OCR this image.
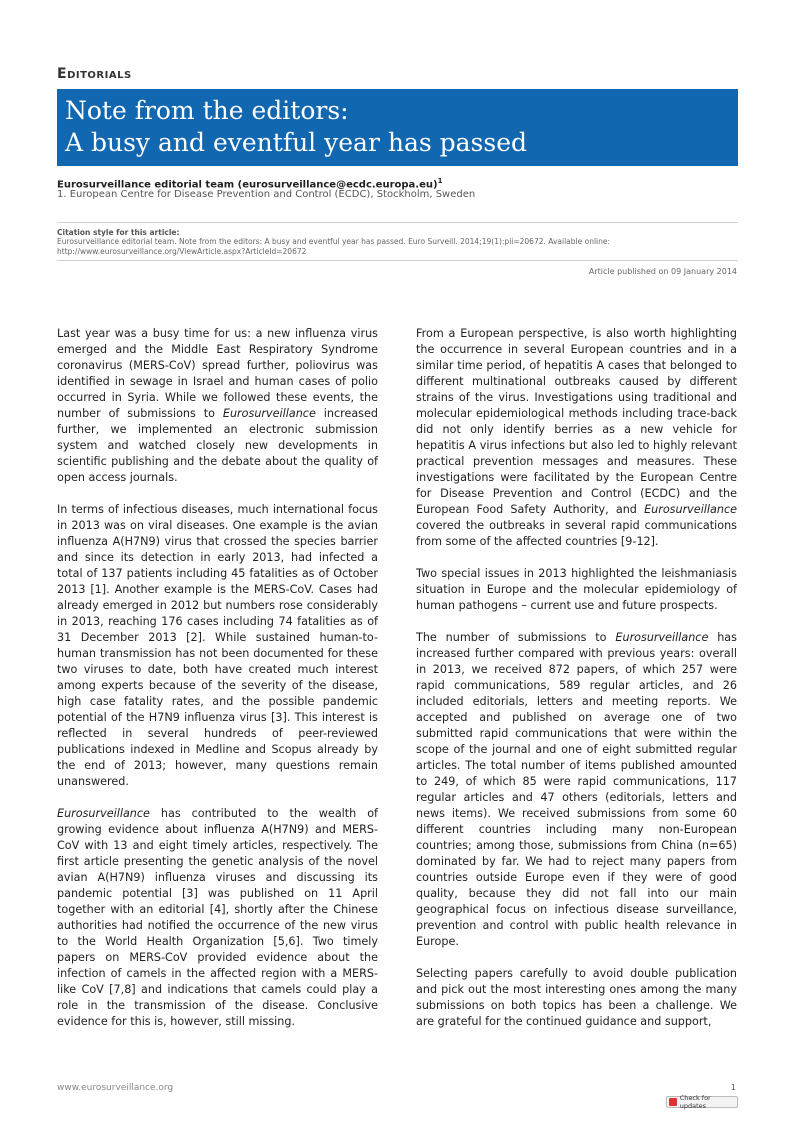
Editorials
Note from the editors:
A busy and eventful year has passed
Eurosurveillance editorial team (eurosurveillance@ecdc.europa.eu)$^1$
1. European Centre for Disease Prevention and Control (ECDC), Stockholm, Sweden
Citation style for this article:
Eurosurveillance editorial team. Note from the editors: A busy and eventful year has passed. Euro Surveill. 2014;19(1):pii=20672. Available online: http://www.eurosurveillance.org/ViewArticle.aspx?ArticleId=20672
Article published on 09 January 2014

Last year was a busy time for us: a new influenza virus emerged and the Middle East Respiratory Syndrome coronavirus (MERS-CoV) spread further, poliovirus was identified in sewage in Israel and human cases of polio occurred in Syria. While we followed these events, the number of submissions to Eurosurveillance increased further, we implemented an electronic submission system and watched closely new developments in scientific publishing and the debate about the quality of open access journals.

In terms of infectious diseases, much international focus in 2013 was on viral diseases. One example is the avian influenza A(H7N9) virus that crossed the species barrier and since its detection in early 2013, had infected a total of 137 patients including 45 fatalities as of October 2013 [1]. Another example is the MERS-CoV. Cases had already emerged in 2012 but numbers rose considerably in 2013, reaching 176 cases including 74 fatalities as of 31 December 2013 [2]. While sustained human-to-human transmission has not been documented for these two viruses to date, both have created much interest among experts because of the severity of the disease, high case fatality rates, and the possible pandemic potential of the H7N9 influenza virus [3]. This interest is reflected in several hundreds of peer-reviewed publications indexed in Medline and Scopus already by the end of 2013; however, many questions remain unanswered.

Eurosurveillance has contributed to the wealth of growing evidence about influenza A(H7N9) and MERS-CoV with 13 and eight timely articles, respectively. The first article presenting the genetic analysis of the novel avian A(H7N9) influenza viruses and discussing its pandemic potential [3] was published on 11 April together with an editorial [4], shortly after the Chinese authorities had notified the occurrence of the new virus to the World Health Organization [5,6]. Two timely papers on MERS-CoV provided evidence about the infection of camels in the affected region with a MERS-like CoV [7,8] and indications that camels could play a role in the transmission of the disease. Conclusive evidence for this is, however, still missing.

From a European perspective, is also worth highlighting the occurrence in several European countries and in a similar time period, of hepatitis A cases that belonged to different multinational outbreaks caused by different strains of the virus. Investigations using traditional and molecular epidemiological methods including trace-back did not only identify berries as a new vehicle for hepatitis A virus infections but also led to highly relevant practical prevention messages and measures. These investigations were facilitated by the European Centre for Disease Prevention and Control (ECDC) and the European Food Safety Authority, and Eurosurveillance covered the outbreaks in several rapid communications from some of the affected countries [9-12].

Two special issues in 2013 highlighted the leishmaniasis situation in Europe and the molecular epidemiology of human pathogens – current use and future prospects.

The number of submissions to Eurosurveillance has increased further compared with previous years: overall in 2013, we received 872 papers, of which 257 were rapid communications, 589 regular articles, and 26 included editorials, letters and meeting reports. We accepted and published on average one of two submitted rapid communications that were within the scope of the journal and one of eight submitted regular articles. The total number of items published amounted to 249, of which 85 were rapid communications, 117 regular articles and 47 others (editorials, letters and news items). We received submissions from some 60 different countries including many non-European countries; among those, submissions from China (n=65) dominated by far. We had to reject many papers from countries outside Europe even if they were of good quality, because they did not fall into our main geographical focus on infectious disease surveillance, prevention and control with public health relevance in Europe.

Selecting papers carefully to avoid double publication and pick out the most interesting ones among the many submissions on both topics has been a challenge. We are grateful for the continued guidance and support,

www.eurosurveillance.org	1
Check for updates
